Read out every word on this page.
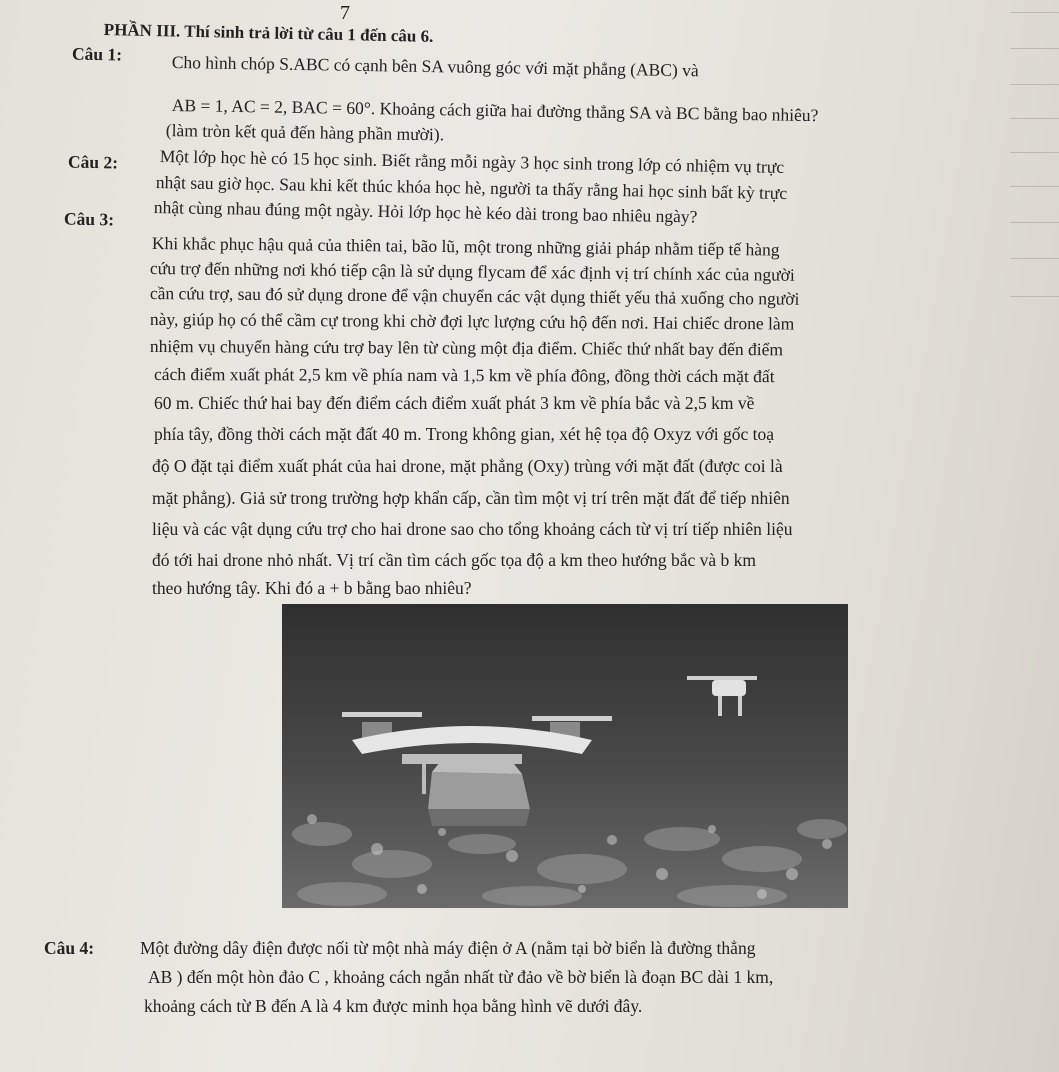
7
PHẦN III. Thí sinh trả lời từ câu 1 đến câu 6.
Câu 1:	Cho hình chóp S.ABC có cạnh bên SA vuông góc với mặt phẳng (ABC) và
AB = 1, AC = 2, BAC = 60°. Khoảng cách giữa hai đường thẳng SA và BC bằng bao nhiêu?
(làm tròn kết quả đến hàng phần mười).
Câu 2: Một lớp học hè có 15 học sinh. Biết rằng mỗi ngày 3 học sinh trong lớp có nhiệm vụ trực
nhật sau giờ học. Sau khi kết thúc khóa học hè, người ta thấy rằng hai học sinh bất kỳ trực
nhật cùng nhau đúng một ngày. Hỏi lớp học hè kéo dài trong bao nhiêu ngày?
Câu 3:
Khi khắc phục hậu quả của thiên tai, bão lũ, một trong những giải pháp nhằm tiếp tế hàng
cứu trợ đến những nơi khó tiếp cận là sử dụng flycam để xác định vị trí chính xác của người
cần cứu trợ, sau đó sử dụng drone để vận chuyển các vật dụng thiết yếu thả xuống cho người
này, giúp họ có thể cầm cự trong khi chờ đợi lực lượng cứu hộ đến nơi. Hai chiếc drone làm
nhiệm vụ chuyển hàng cứu trợ bay lên từ cùng một địa điểm. Chiếc thứ nhất bay đến điểm
cách điểm xuất phát 2,5 km về phía nam và 1,5 km về phía đông, đồng thời cách mặt đất
60 m. Chiếc thứ hai bay đến điểm cách điểm xuất phát 3 km về phía bắc và 2,5 km về
phía tây, đồng thời cách mặt đất 40 m. Trong không gian, xét hệ tọa độ Oxyz với gốc toạ
độ O đặt tại điểm xuất phát của hai drone, mặt phẳng (Oxy) trùng với mặt đất (được coi là
mặt phẳng). Giả sử trong trường hợp khẩn cấp, cần tìm một vị trí trên mặt đất để tiếp nhiên
liệu và các vật dụng cứu trợ cho hai drone sao cho tổng khoảng cách từ vị trí tiếp nhiên liệu
đó tới hai drone nhỏ nhất. Vị trí cần tìm cách gốc tọa độ a km theo hướng bắc và b km
theo hướng tây. Khi đó a + b bằng bao nhiêu?
Câu 4:	Một đường dây điện được nối từ một nhà máy điện ở A (nằm tại bờ biển là đường thẳng
AB ) đến một hòn đảo C , khoảng cách ngắn nhất từ đảo về bờ biển là đoạn BC dài 1 km,
khoảng cách từ B đến A là 4 km được minh họa bằng hình vẽ dưới đây.
